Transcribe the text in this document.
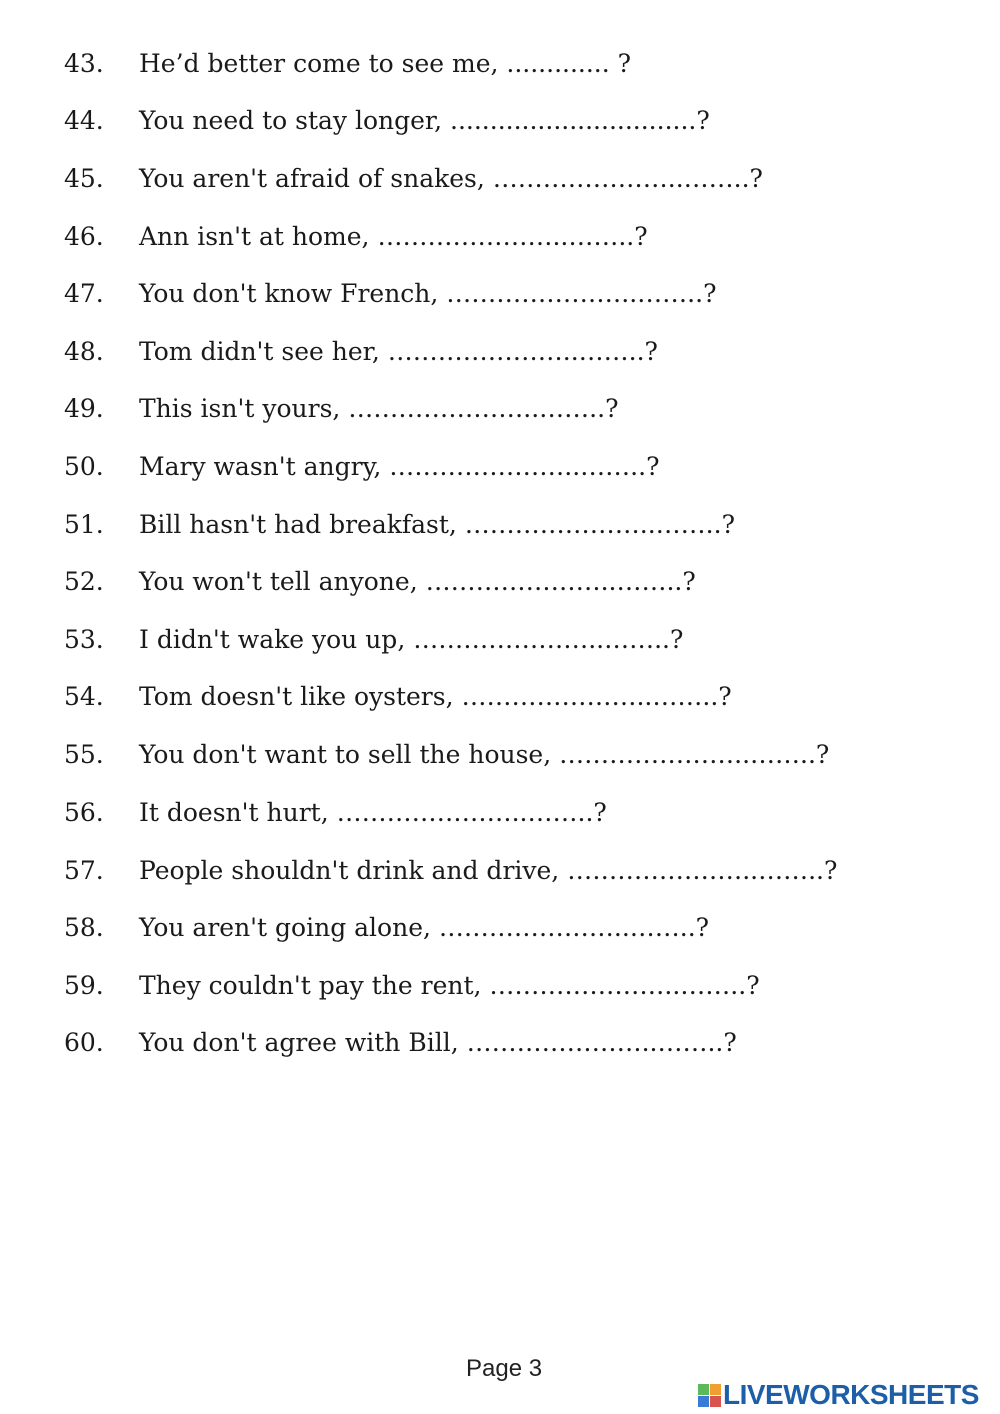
43. He’d better come to see me, ............. ?
44. You need to stay longer, ...............................?
45. You aren't afraid of snakes, …………………..……..?
46. Ann isn't at home, …………………..……..?
47. You don't know French, …………………..……..?
48. Tom didn't see her, …………………..……..?
49. This isn't yours, …………………..……..?
50. Mary wasn't angry, …………………..……..?
51. Bill hasn't had breakfast, …………………..……..?
52. You won't tell anyone, …………………..……..?
53. I didn't wake you up, …………………..……..?
54. Tom doesn't like oysters, …………………..……..?
55. You don't want to sell the house, …………………..……..?
56. It doesn't hurt, …………………..……..?
57. People shouldn't drink and drive, …………………..……..?
58. You aren't going alone, …………………..……..?
59. They couldn't pay the rent, …………………..……..?
60. You don't agree with Bill, …………………..……..?
Page 3
LIVEWORKSHEETS
